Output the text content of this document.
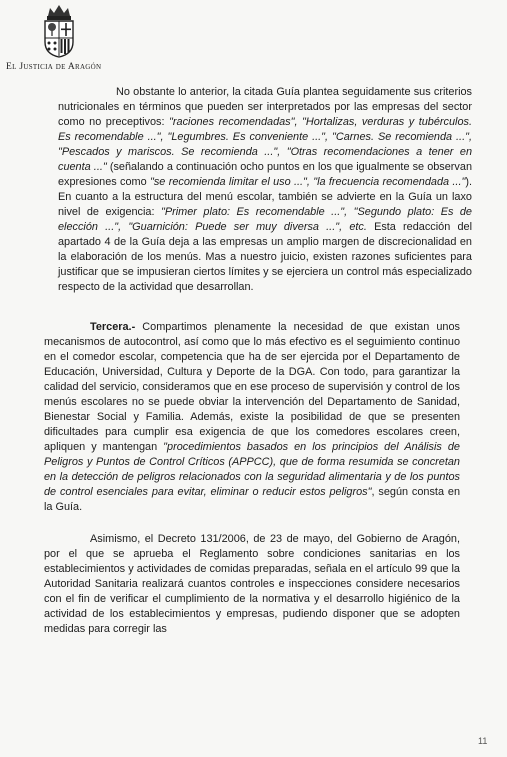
El Justicia de Aragón

No obstante lo anterior, la citada Guía plantea seguidamente sus criterios nutricionales en términos que pueden ser interpretados por las empresas del sector como no preceptivos: "raciones recomendadas", "Hortalizas, verduras y tubérculos. Es recomendable ...", "Legumbres. Es conveniente ...", "Carnes. Se recomienda ...", "Pescados y mariscos. Se recomienda ...", "Otras recomendaciones a tener en cuenta ..." (señalando a continuación ocho puntos en los que igualmente se observan expresiones como "se recomienda limitar el uso ...", "la frecuencia recomendada ..."). En cuanto a la estructura del menú escolar, también se advierte en la Guía un laxo nivel de exigencia: "Primer plato: Es recomendable ...", "Segundo plato: Es de elección ...", "Guarnición: Puede ser muy diversa ...", etc. Esta redacción del apartado 4 de la Guía deja a las empresas un amplio margen de discrecionalidad en la elaboración de los menús. Mas a nuestro juicio, existen razones suficientes para justificar que se impusieran ciertos límites y se ejerciera un control más especializado respecto de la actividad que desarrollan.

Tercera.- Compartimos plenamente la necesidad de que existan unos mecanismos de autocontrol, así como que lo más efectivo es el seguimiento continuo en el comedor escolar, competencia que ha de ser ejercida por el Departamento de Educación, Universidad, Cultura y Deporte de la DGA. Con todo, para garantizar la calidad del servicio, consideramos que en ese proceso de supervisión y control de los menús escolares no se puede obviar la intervención del Departamento de Sanidad, Bienestar Social y Familia. Además, existe la posibilidad de que se presenten dificultades para cumplir esa exigencia de que los comedores escolares creen, apliquen y mantengan "procedimientos basados en los principios del Análisis de Peligros y Puntos de Control Críticos (APPCC), que de forma resumida se concretan en la detección de peligros relacionados con la seguridad alimentaria y de los puntos de control esenciales para evitar, eliminar o reducir estos peligros", según consta en la Guía.

Asimismo, el Decreto 131/2006, de 23 de mayo, del Gobierno de Aragón, por el que se aprueba el Reglamento sobre condiciones sanitarias en los establecimientos y actividades de comidas preparadas, señala en el artículo 99 que la Autoridad Sanitaria realizará cuantos controles e inspecciones considere necesarios con el fin de verificar el cumplimiento de la normativa y el desarrollo higiénico de la actividad de los establecimientos y empresas, pudiendo disponer que se adopten medidas para corregir las

11
